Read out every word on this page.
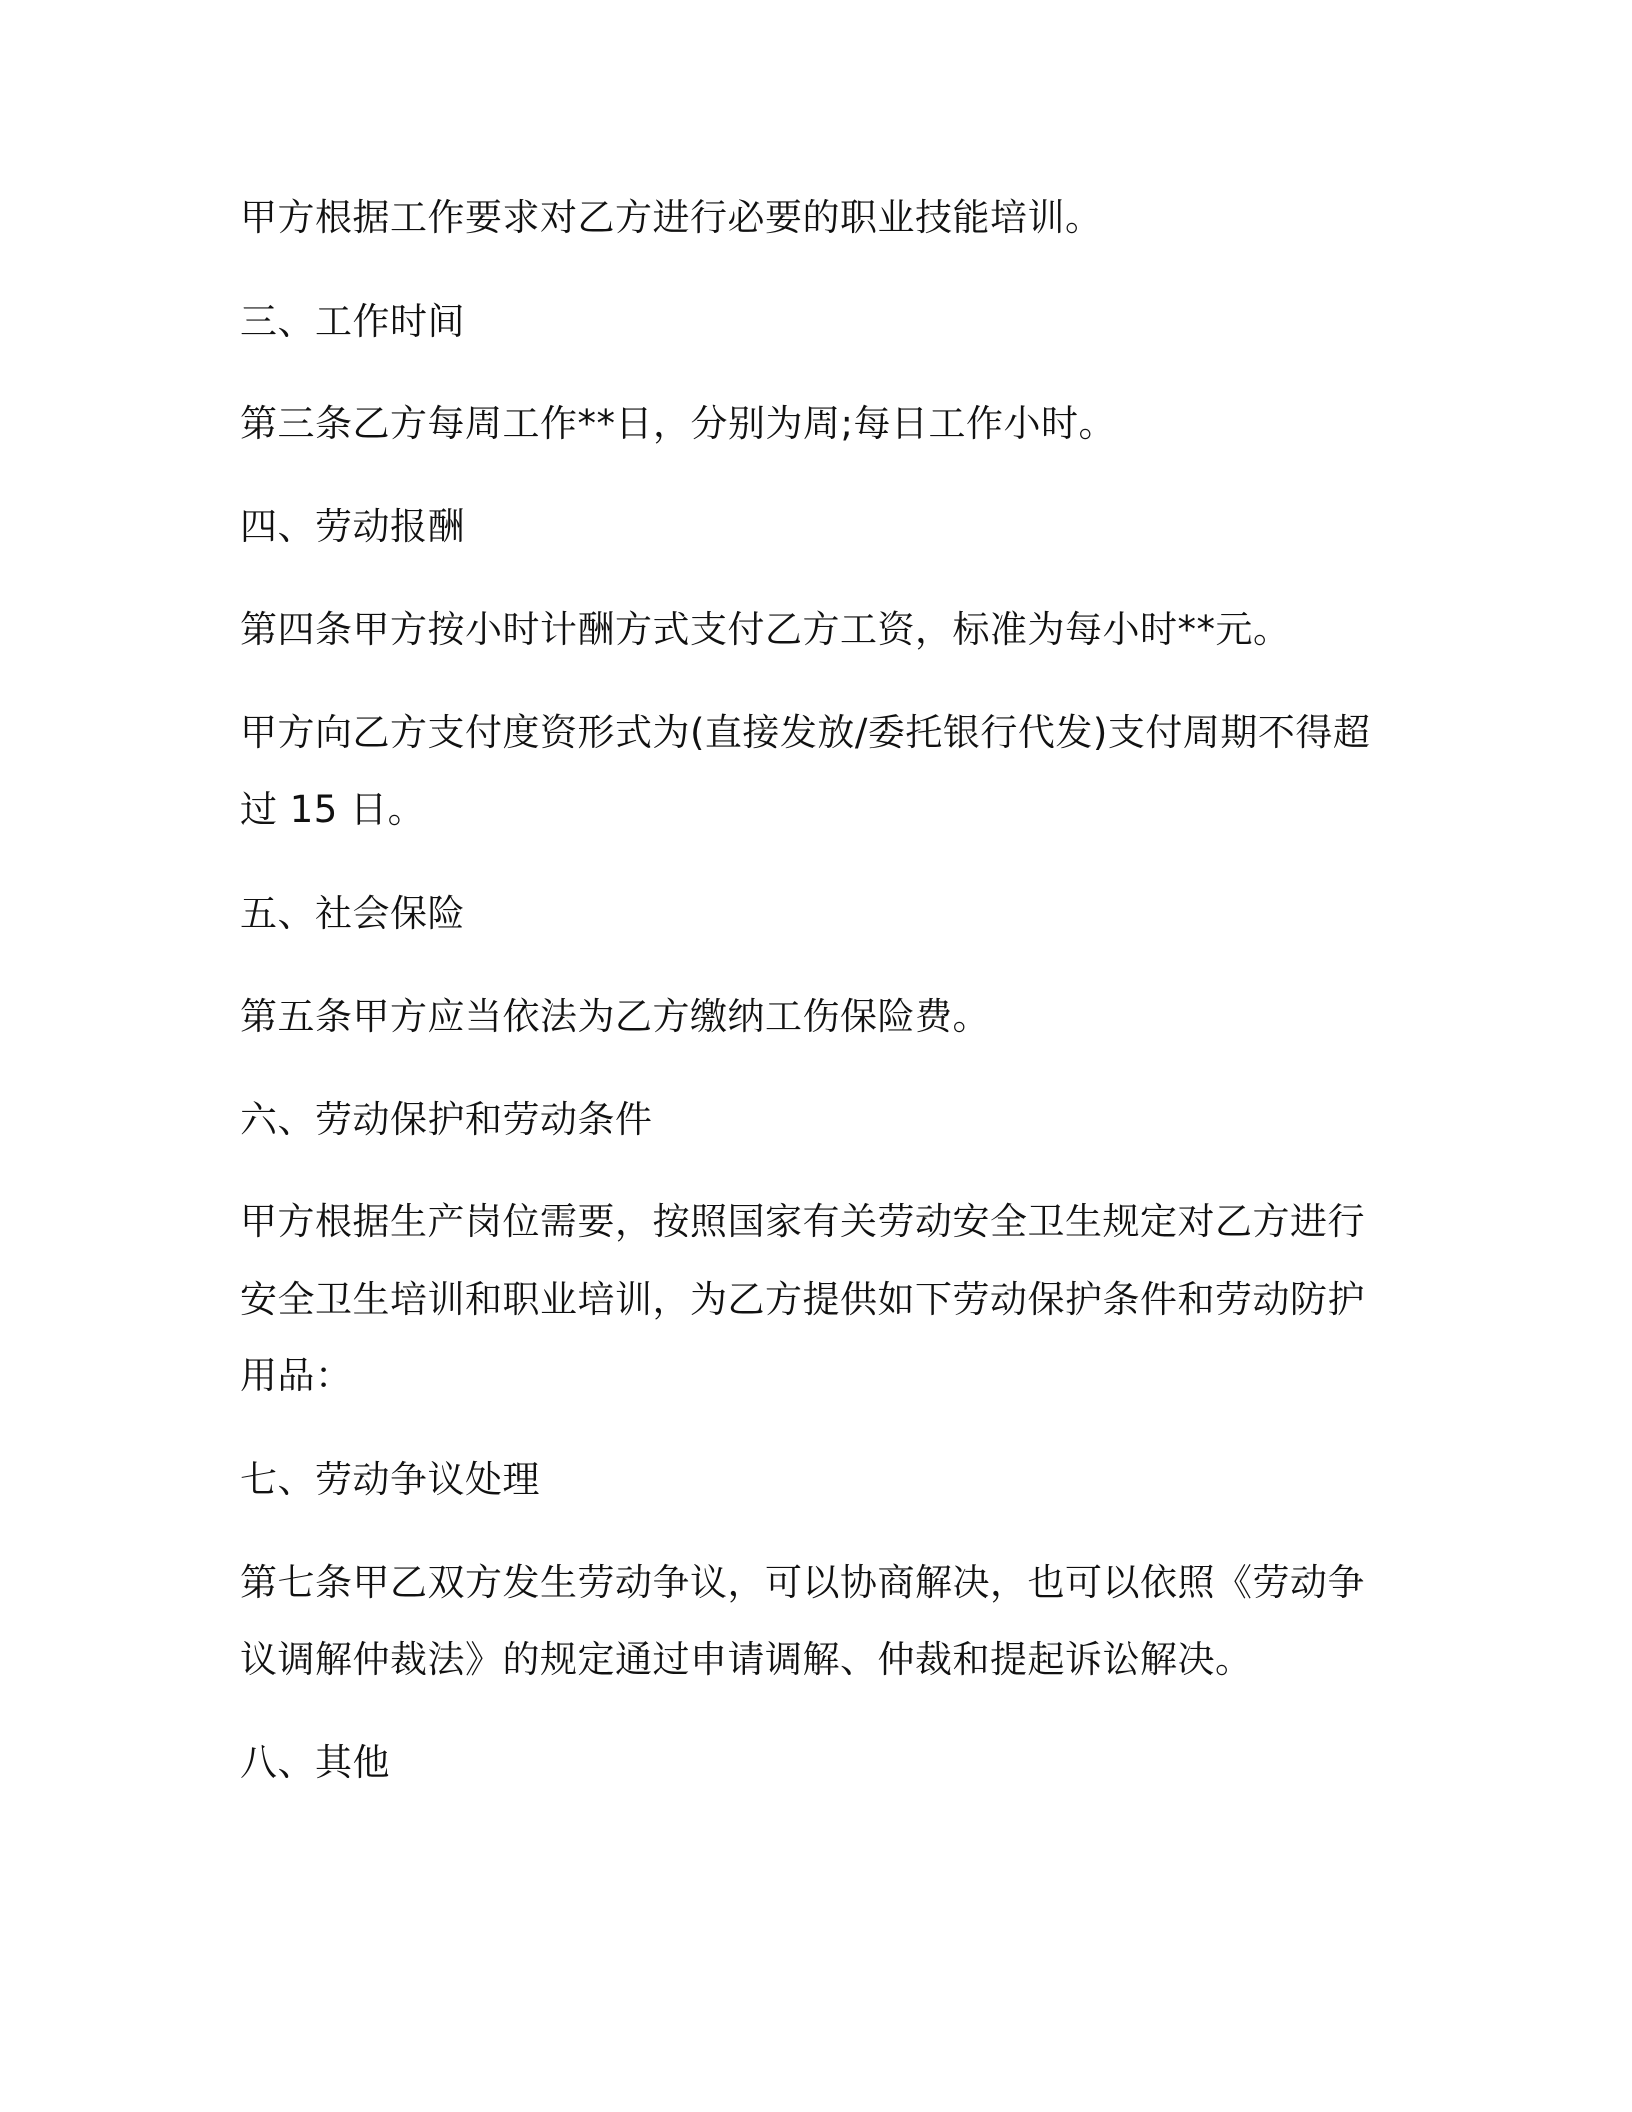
甲方根据工作要求对乙方进行必要的职业技能培训。
三、工作时间
第三条乙方每周工作**日，分别为周;每日工作小时。
四、劳动报酬
第四条甲方按小时计酬方式支付乙方工资，标准为每小时**元。
甲方向乙方支付度资形式为(直接发放/委托银行代发)支付周期不得超
过 15 日。
五、社会保险
第五条甲方应当依法为乙方缴纳工伤保险费。
六、劳动保护和劳动条件
甲方根据生产岗位需要，按照国家有关劳动安全卫生规定对乙方进行
安全卫生培训和职业培训，为乙方提供如下劳动保护条件和劳动防护
用品：
七、劳动争议处理
第七条甲乙双方发生劳动争议，可以协商解决，也可以依照《劳动争
议调解仲裁法》的规定通过申请调解、仲裁和提起诉讼解决。
八、其他
